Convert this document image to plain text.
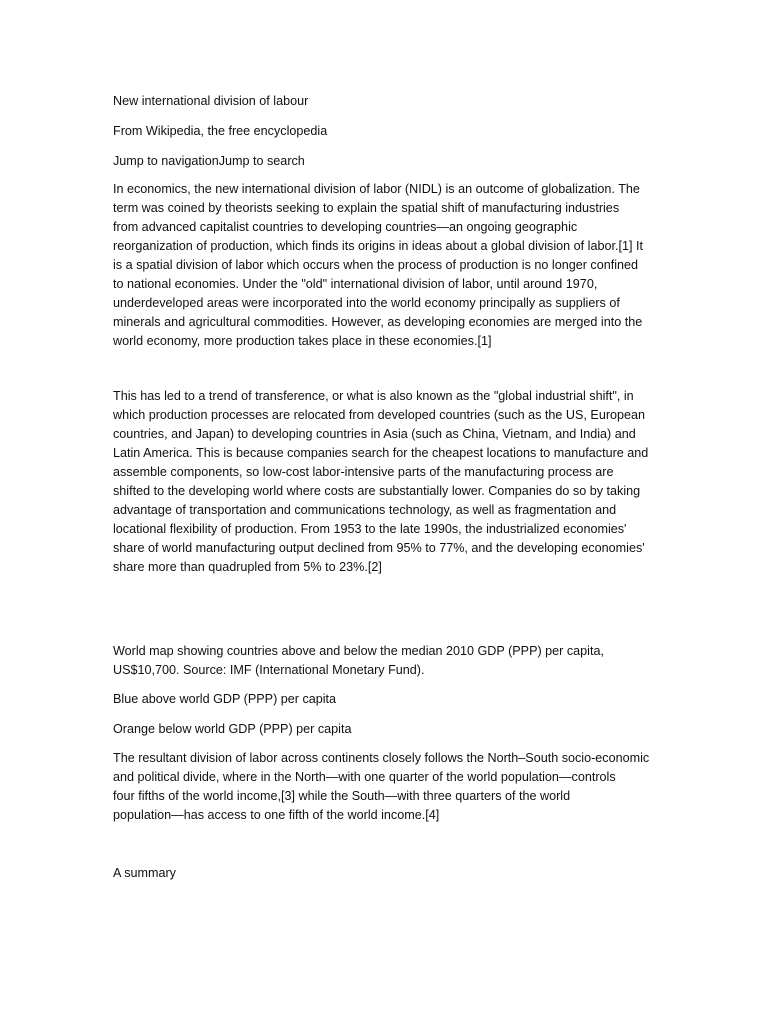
New international division of labour

From Wikipedia, the free encyclopedia

Jump to navigationJump to search

In economics, the new international division of labor (NIDL) is an outcome of globalization. The
term was coined by theorists seeking to explain the spatial shift of manufacturing industries
from advanced capitalist countries to developing countries—an ongoing geographic
reorganization of production, which finds its origins in ideas about a global division of labor.[1] It
is a spatial division of labor which occurs when the process of production is no longer confined
to national economies. Under the "old" international division of labor, until around 1970,
underdeveloped areas were incorporated into the world economy principally as suppliers of
minerals and agricultural commodities. However, as developing economies are merged into the
world economy, more production takes place in these economies.[1]

This has led to a trend of transference, or what is also known as the "global industrial shift", in
which production processes are relocated from developed countries (such as the US, European
countries, and Japan) to developing countries in Asia (such as China, Vietnam, and India) and
Latin America. This is because companies search for the cheapest locations to manufacture and
assemble components, so low-cost labor-intensive parts of the manufacturing process are
shifted to the developing world where costs are substantially lower. Companies do so by taking
advantage of transportation and communications technology, as well as fragmentation and
locational flexibility of production. From 1953 to the late 1990s, the industrialized economies'
share of world manufacturing output declined from 95% to 77%, and the developing economies'
share more than quadrupled from 5% to 23%.[2]

World map showing countries above and below the median 2010 GDP (PPP) per capita,
US$10,700. Source: IMF (International Monetary Fund).

Blue above world GDP (PPP) per capita

Orange below world GDP (PPP) per capita

The resultant division of labor across continents closely follows the North–South socio-economic
and political divide, where in the North—with one quarter of the world population—controls
four fifths of the world income,[3] while the South—with three quarters of the world
population—has access to one fifth of the world income.[4]

A summary
